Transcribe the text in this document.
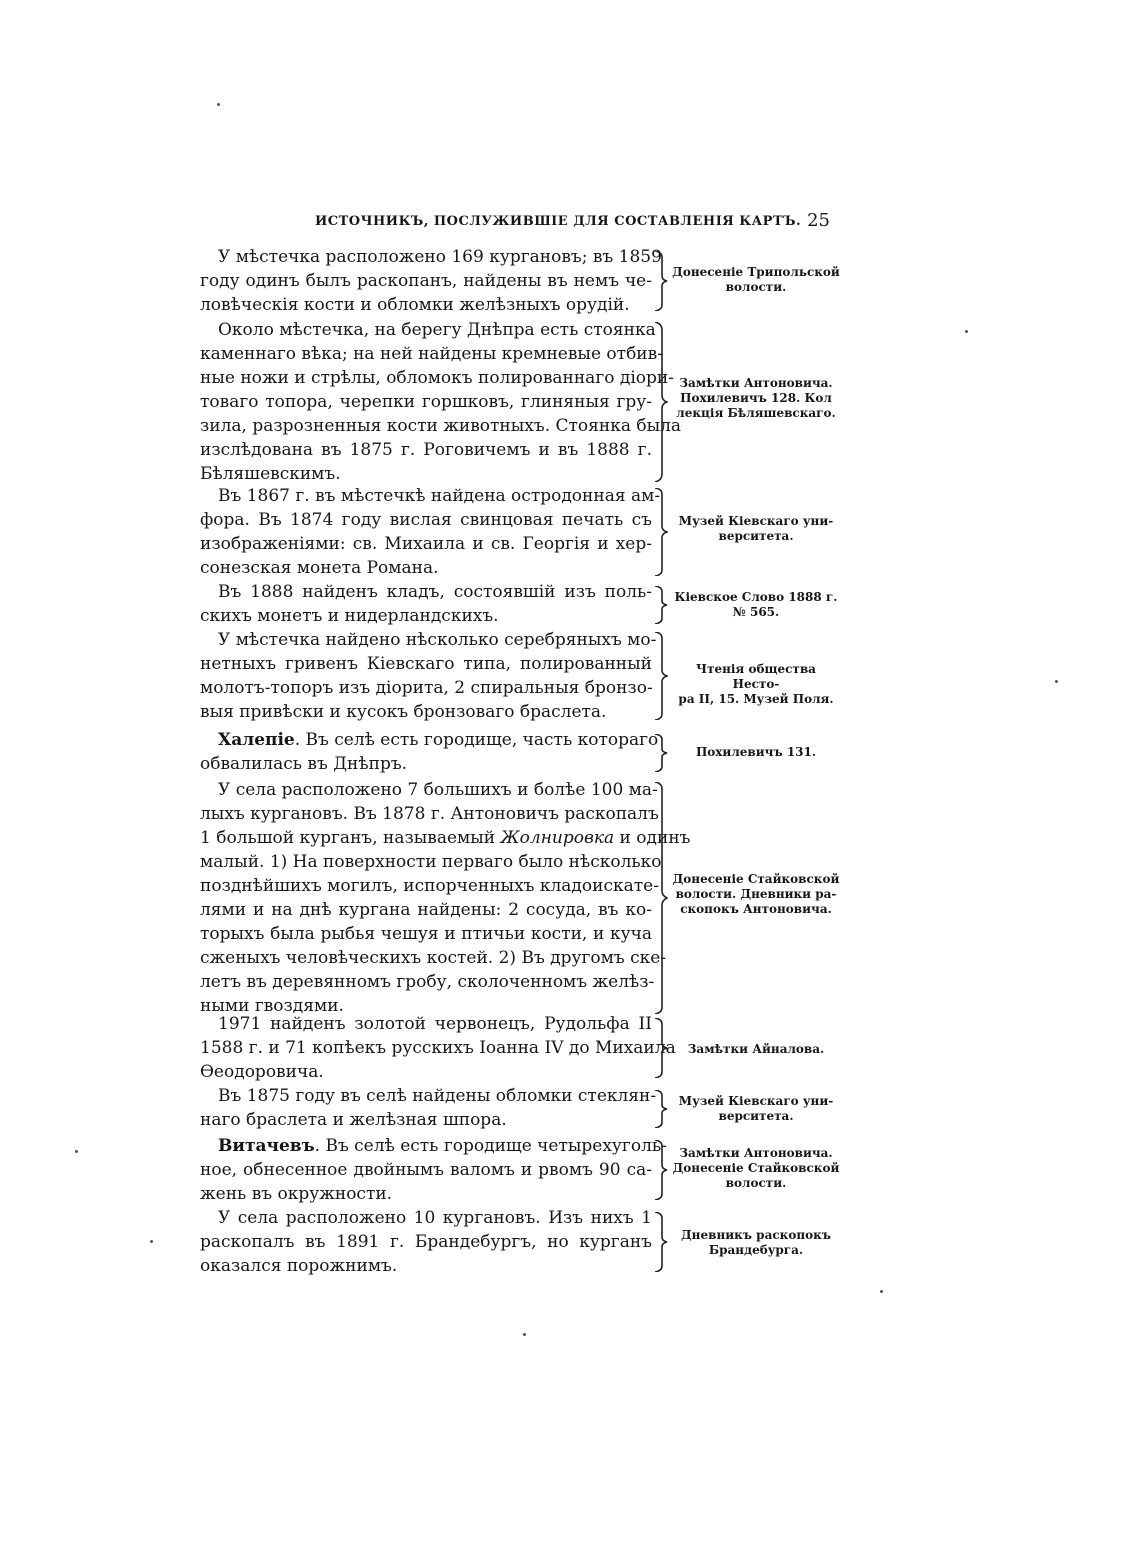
ИСТОЧНИКЪ, ПОСЛУЖИВШІЕ ДЛЯ СОСТАВЛЕНІЯ КАРТЪ. 25
У мѣстечка расположено 169 кургановъ; въ 1859
году одинъ былъ раскопанъ, найдены въ немъ че-
ловѣческія кости и обломки желѣзныхъ орудій.
Донесеніе Трипольской
волости.
Около мѣстечка, на берегу Днѣпра есть стоянка
каменнаго вѣка; на ней найдены кремневые отбив-
ные ножи и стрѣлы, обломокъ полированнаго діори-
товаго топора, черепки горшковъ, глиняныя гру-
зила, разрозненныя кости животныхъ. Стоянка была
изслѣдована въ 1875 г. Роговичемъ и въ 1888 г.
Бѣляшевскимъ.
Замѣтки Антоновича.
Похилевичъ 128. Кол
лекція Бѣляшевскаго.
Въ 1867 г. въ мѣстечкѣ найдена остродонная ам-
фора. Въ 1874 году вислая свинцовая печать съ
изображеніями: св. Михаила и св. Георгія и хер-
сонезская монета Романа.
Музей Кіевскаго уни-
верситета.
Въ 1888 найденъ кладъ, состоявшій изъ поль-
скихъ монетъ и нидерландскихъ.
Кіевское Слово 1888 г.
№ 565.
У мѣстечка найдено нѣсколько серебряныхъ мо-
нетныхъ гривенъ Кіевскаго типа, полированный
молотъ-топоръ изъ діорита, 2 спиральныя бронзо-
выя привѣски и кусокъ бронзоваго браслета.
Чтенія общества Несто-
ра II, 15. Музей Поля.
Халепіе. Въ селѣ есть городище, часть котораго
обвалилась въ Днѣпръ.
Похилевичъ 131.
У села расположено 7 большихъ и болѣе 100 ма-
лыхъ кургановъ. Въ 1878 г. Антоновичъ раскопалъ
1 большой курганъ, называемый Жолнировка и одинъ
малый. 1) На поверхности перваго было нѣсколько
позднѣйшихъ могилъ, испорченныхъ кладоискате-
лями и на днѣ кургана найдены: 2 сосуда, въ ко-
торыхъ была рыбья чешуя и птичьи кости, и куча
сженыхъ человѣческихъ костей. 2) Въ другомъ ске-
летъ въ деревянномъ гробу, сколоченномъ желѣз-
ными гвоздями.
Донесеніе Стайковской
волости. Дневники ра-
скопокъ Антоновича.
1971 найденъ золотой червонецъ, Рудольфа II
1588 г. и 71 копѣекъ русскихъ Іоанна IV до Михаила
Ѳеодоровича.
Замѣтки Айналова.
Въ 1875 году въ селѣ найдены обломки стеклян-
наго браслета и желѣзная шпора.
Музей Кіевскаго уни-
верситета.
Витачевъ. Въ селѣ есть городище четырехуголь-
ное, обнесенное двойнымъ валомъ и рвомъ 90 са-
жень въ окружности.
Замѣтки Антоновича.
Донесеніе Стайковской
волости.
У села расположено 10 кургановъ. Изъ нихъ 1
раскопалъ въ 1891 г. Брандебургъ, но курганъ
оказался порожнимъ.
Дневникъ раскопокъ
Брандебурга.
